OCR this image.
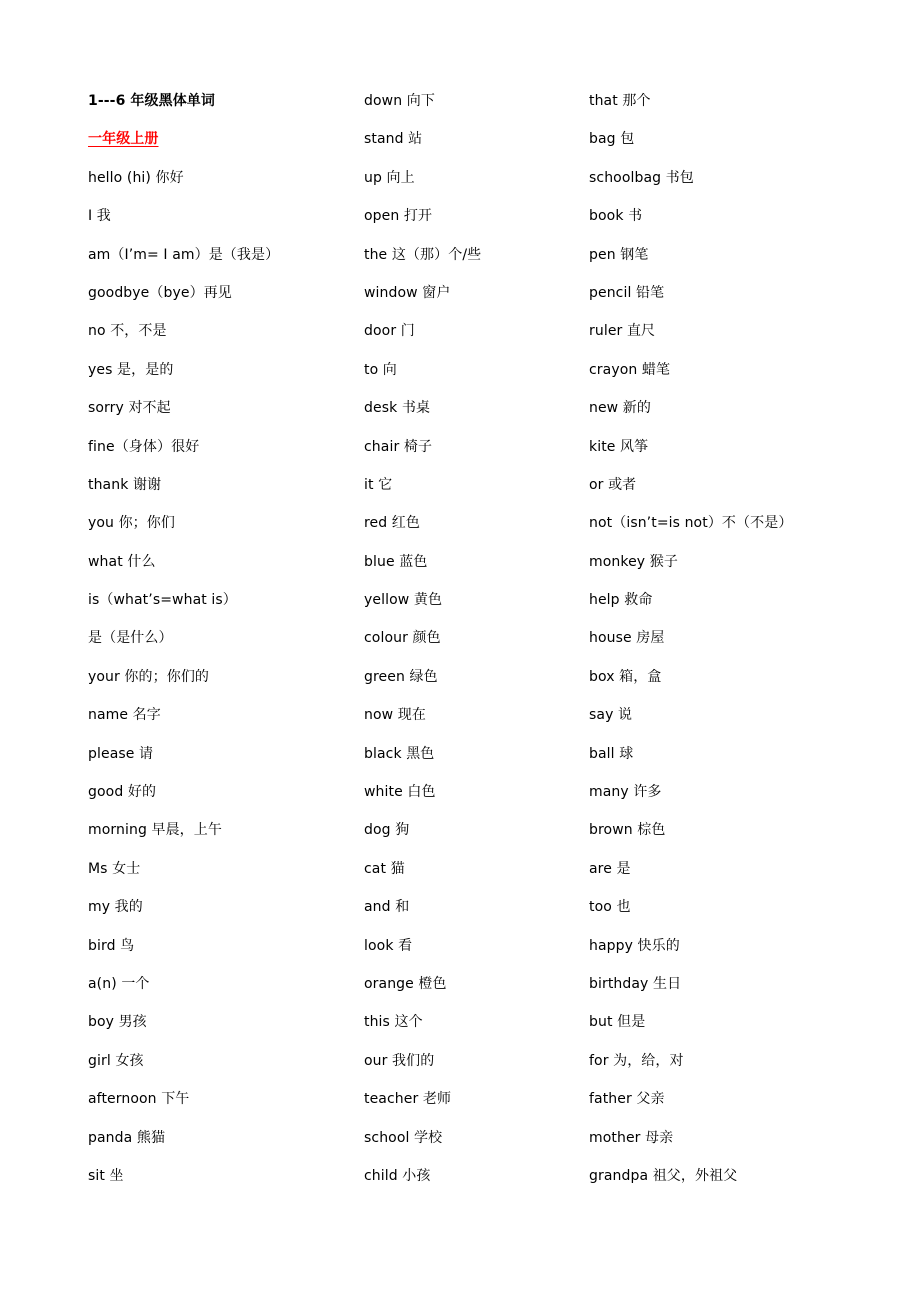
1---6 年级黑体单词
一年级上册
hello (hi) 你好
I 我
am（I’m= I am）是（我是）
goodbye（bye）再见
no 不，不是
yes 是，是的
sorry 对不起
fine（身体）很好
thank 谢谢
you 你；你们
what 什么
is（what’s=what is）
是（是什么）
your 你的；你们的
name 名字
please 请
good 好的
morning 早晨，上午
Ms 女士
my 我的
bird 鸟
a(n) 一个
boy 男孩
girl 女孩
afternoon 下午
panda 熊猫
sit 坐
down 向下
stand 站
up 向上
open 打开
the 这（那）个/些
window 窗户
door 门
to 向
desk 书桌
chair 椅子
it 它
red 红色
blue 蓝色
yellow 黄色
colour 颜色
green 绿色
now 现在
black 黑色
white 白色
dog 狗
cat 猫
and 和
look 看
orange 橙色
this 这个
our 我们的
teacher 老师
school 学校
child 小孩
that 那个
bag 包
schoolbag 书包
book 书
pen 钢笔
pencil 铅笔
ruler 直尺
crayon 蜡笔
new 新的
kite 风筝
or 或者
not（isn’t=is not）不（不是）
monkey 猴子
help 救命
house 房屋
box 箱，盒
say 说
ball 球
many 许多
brown 棕色
are 是
too 也
happy 快乐的
birthday 生日
but 但是
for 为，给，对
father 父亲
mother 母亲
grandpa 祖父，外祖父
